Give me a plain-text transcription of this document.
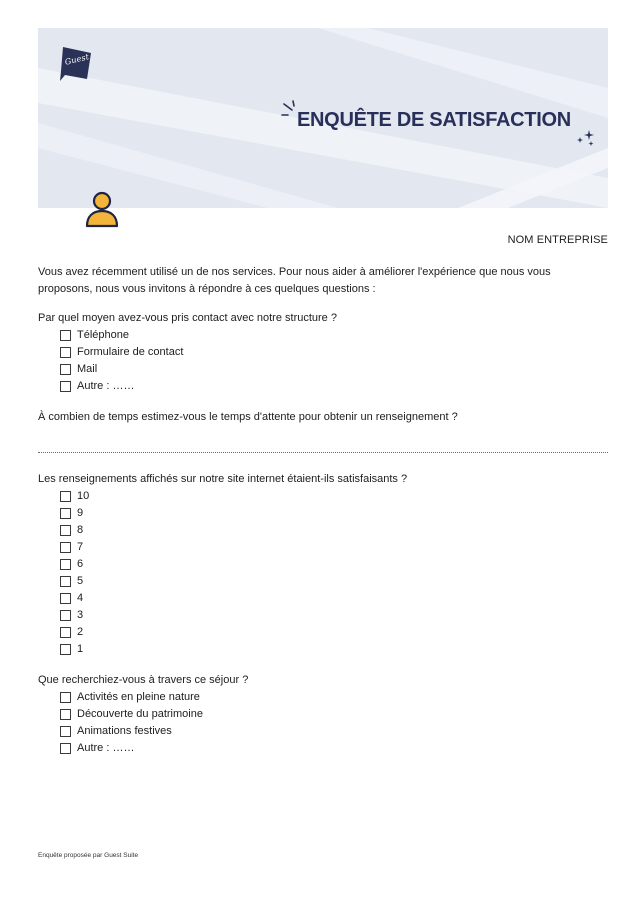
Guest
ENQUÊTE DE SATISFACTION
NOM ENTREPRISE

Vous avez récemment utilisé un de nos services. Pour nous aider à améliorer l'expérience que nous vous proposons, nous vous invitons à répondre à ces quelques questions :

Par quel moyen avez-vous pris contact avec notre structure ?

Téléphone
Formulaire de contact
Mail
Autre : ……

À combien de temps estimez-vous le temps d'attente pour obtenir un renseignement ?

Les renseignements affichés sur notre site internet étaient-ils satisfaisants ?

10
9
8
7
6
5
4
3
2
1

Que recherchiez-vous à travers ce séjour ?

Activités en pleine nature
Découverte du patrimoine
Animations festives
Autre : ……
Enquête proposée par Guest Suite
